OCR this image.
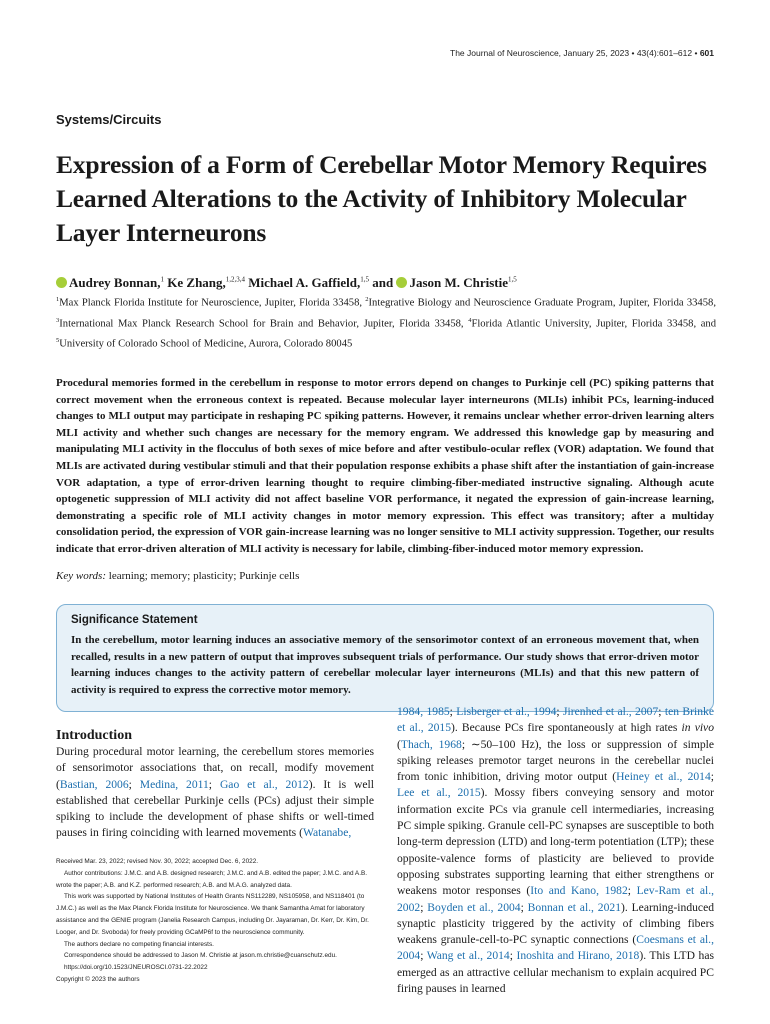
The Journal of Neuroscience, January 25, 2023 • 43(4):601–612 • 601
Systems/Circuits
Expression of a Form of Cerebellar Motor Memory Requires Learned Alterations to the Activity of Inhibitory Molecular Layer Interneurons
Audrey Bonnan,$^1$ Ke Zhang,$^{1,2,3,4}$ Michael A. Gaffield,$^{1,5}$ and Jason M. Christie$^{1,5}$
$^1$Max Planck Florida Institute for Neuroscience, Jupiter, Florida 33458, $^2$Integrative Biology and Neuroscience Graduate Program, Jupiter, Florida 33458, $^3$International Max Planck Research School for Brain and Behavior, Jupiter, Florida 33458, $^4$Florida Atlantic University, Jupiter, Florida 33458, and $^5$University of Colorado School of Medicine, Aurora, Colorado 80045
Procedural memories formed in the cerebellum in response to motor errors depend on changes to Purkinje cell (PC) spiking patterns that correct movement when the erroneous context is repeated. Because molecular layer interneurons (MLIs) inhibit PCs, learning-induced changes to MLI output may participate in reshaping PC spiking patterns. However, it remains unclear whether error-driven learning alters MLI activity and whether such changes are necessary for the memory engram. We addressed this knowledge gap by measuring and manipulating MLI activity in the flocculus of both sexes of mice before and after vestibulo-ocular reflex (VOR) adaptation. We found that MLIs are activated during vestibular stimuli and that their population response exhibits a phase shift after the instantiation of gain-increase VOR adaptation, a type of error-driven learning thought to require climbing-fiber-mediated instructive signaling. Although acute optogenetic suppression of MLI activity did not affect baseline VOR performance, it negated the expression of gain-increase learning, demonstrating a specific role of MLI activity changes in motor memory expression. This effect was transitory; after a multiday consolidation period, the expression of VOR gain-increase learning was no longer sensitive to MLI activity suppression. Together, our results indicate that error-driven alteration of MLI activity is necessary for labile, climbing-fiber-induced motor memory expression.
Key words: learning; memory; plasticity; Purkinje cells
Significance Statement
In the cerebellum, motor learning induces an associative memory of the sensorimotor context of an erroneous movement that, when recalled, results in a new pattern of output that improves subsequent trials of performance. Our study shows that error-driven motor learning induces changes to the activity pattern of cerebellar molecular layer interneurons (MLIs) and that this new pattern of activity is required to express the corrective motor memory.
Introduction
During procedural motor learning, the cerebellum stores memories of sensorimotor associations that, on recall, modify movement (Bastian, 2006; Medina, 2011; Gao et al., 2012). It is well established that cerebellar Purkinje cells (PCs) adjust their simple spiking to include the development of phase shifts or well-timed pauses in firing coinciding with learned movements (Watanabe,
1984, 1985; Lisberger et al., 1994; Jirenhed et al., 2007; ten Brinke et al., 2015). Because PCs fire spontaneously at high rates in vivo (Thach, 1968; ∼50–100 Hz), the loss or suppression of simple spiking releases premotor target neurons in the cerebellar nuclei from tonic inhibition, driving motor output (Heiney et al., 2014; Lee et al., 2015). Mossy fibers conveying sensory and motor information excite PCs via granule cell intermediaries, increasing PC simple spiking. Granule cell-PC synapses are susceptible to both long-term depression (LTD) and long-term potentiation (LTP); these opposite-valence forms of plasticity are believed to provide opposing substrates supporting learning that either strengthens or weakens motor responses (Ito and Kano, 1982; Lev-Ram et al., 2002; Boyden et al., 2004; Bonnan et al., 2021). Learning-induced synaptic plasticity triggered by the activity of climbing fibers weakens granule-cell-to-PC synaptic connections (Coesmans et al., 2004; Wang et al., 2014; Inoshita and Hirano, 2018). This LTD has emerged as an attractive cellular mechanism to explain acquired PC firing pauses in learned

Received Mar. 23, 2022; revised Nov. 30, 2022; accepted Dec. 6, 2022.

Author contributions: J.M.C. and A.B. designed research; J.M.C. and A.B. edited the paper; J.M.C. and A.B. wrote the paper; A.B. and K.Z. performed research; A.B. and M.A.G. analyzed data.

This work was supported by National Institutes of Health Grants NS112289, NS105958, and NS118401 (to J.M.C.) as well as the Max Planck Florida Institute for Neuroscience. We thank Samantha Amat for laboratory assistance and the GENIE program (Janelia Research Campus, including Dr. Jayaraman, Dr. Kerr, Dr. Kim, Dr. Looger, and Dr. Svoboda) for freely providing GCaMP6f to the neuroscience community.

The authors declare no competing financial interests.

Correspondence should be addressed to Jason M. Christie at jason.m.christie@cuanschutz.edu.

https://doi.org/10.1523/JNEUROSCI.0731-22.2022

Copyright © 2023 the authors
